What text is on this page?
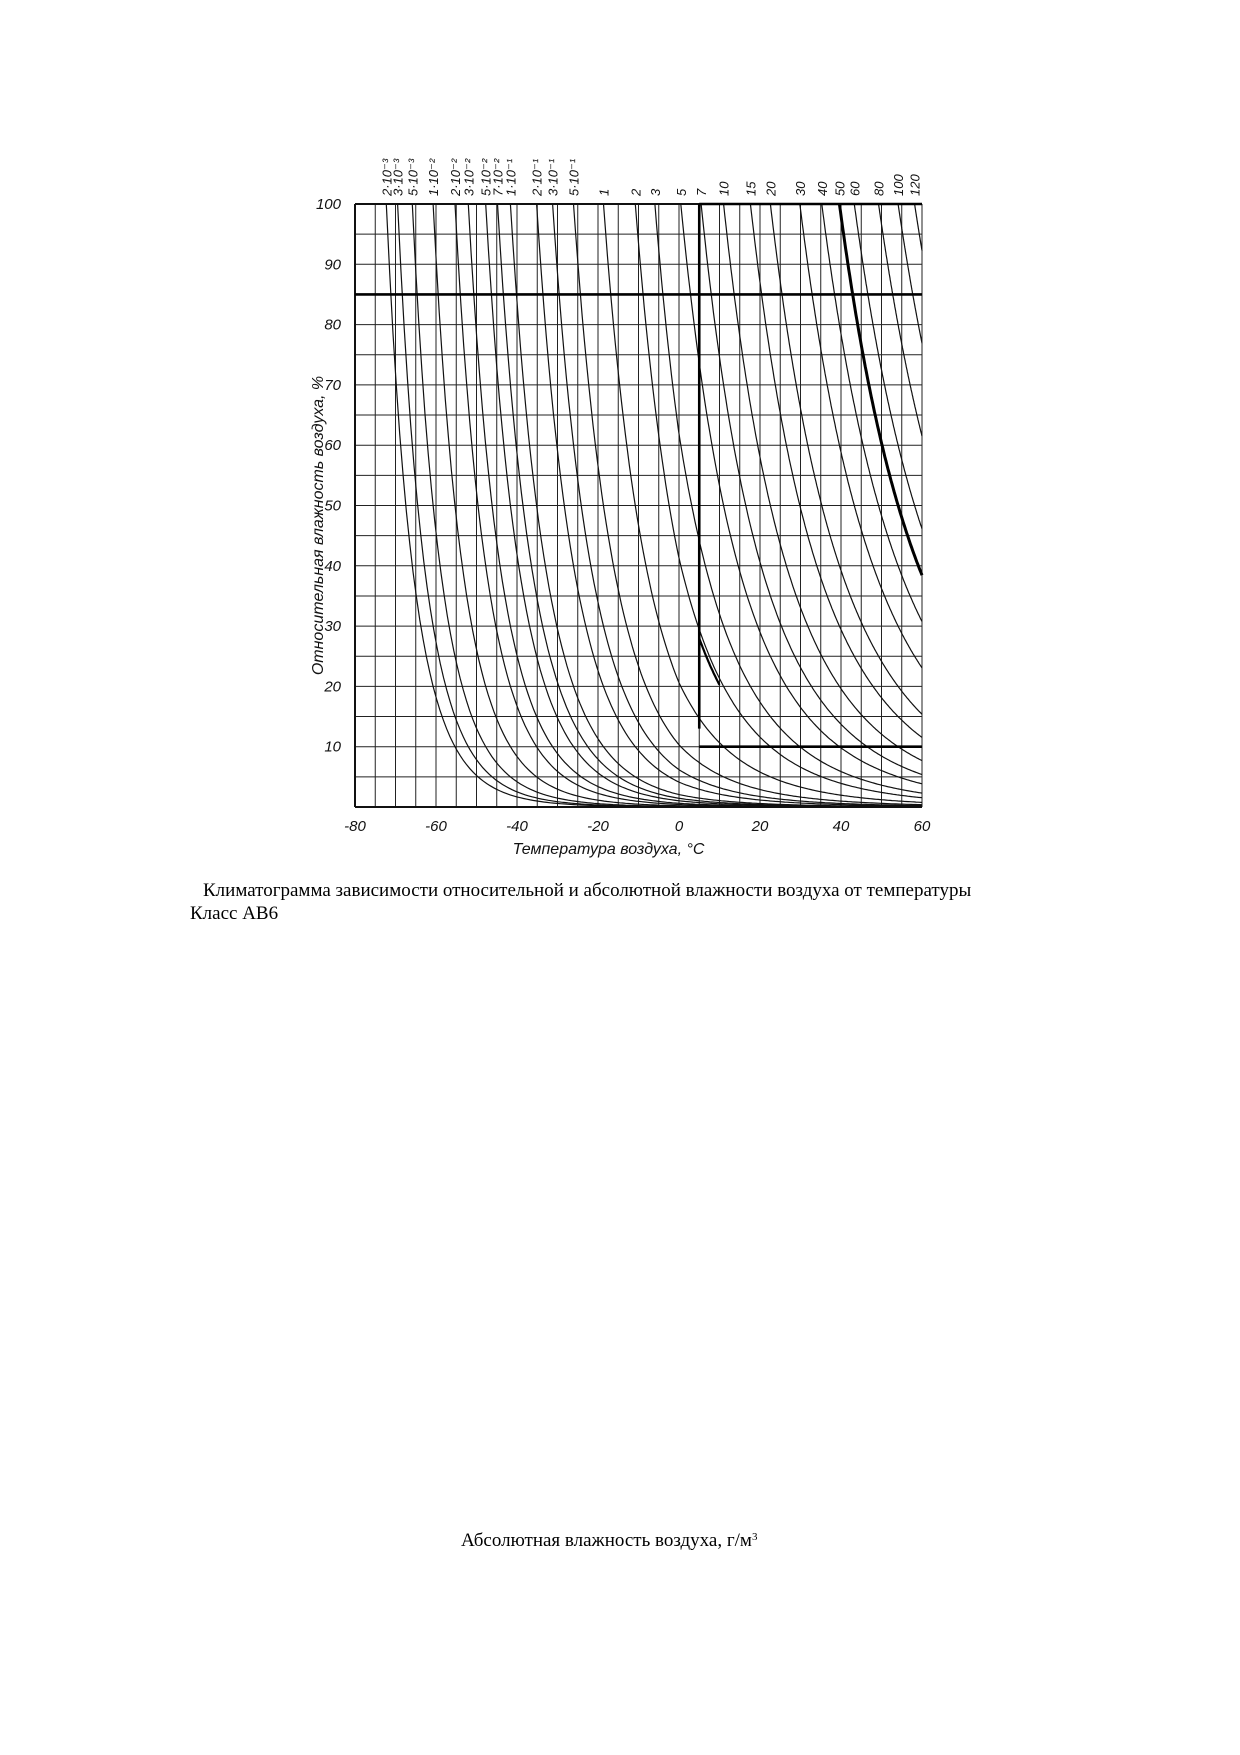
10
20
30
40
50
60
70
80
90
100
-80	-60	-40	-20	0	20	40	60
Температура воздуха, °С
Относительная влажность воздуха, %
2·10⁻³
3·10⁻³ 5·10⁻³ 1·10⁻² 2·10⁻²
3·10⁻² 5·10⁻²
7·10⁻²
1·10⁻¹ 2·10⁻¹ 3·10⁻¹ 5·10⁻¹ 1 2 3 5 7 10 15 20 30 40 50 60 80 100 120
Климатограмма зависимости относительной и абсолютной влажности воздуха от температуры
Класс АВ6
Абсолютная влажность воздуха, $г/м^3$
